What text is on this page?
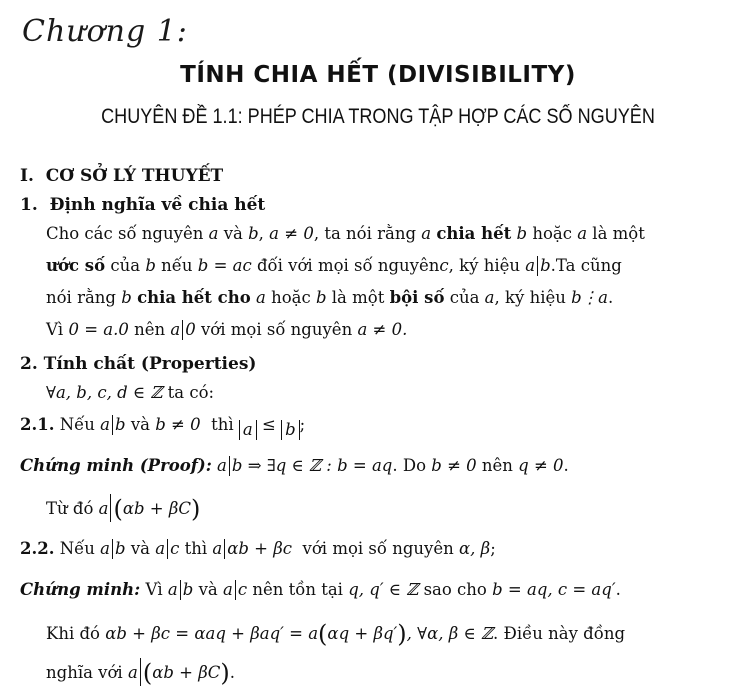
Chương 1:
TÍNH CHIA HẾT (DIVISIBILITY)
CHUYÊN ĐỀ 1.1: PHÉP CHIA TRONG TẬP HỢP CÁC SỐ NGUYÊN
I. CƠ SỞ LÝ THUYẾT
1. Định nghĩa về chia hết
Cho các số nguyên a và b, a ≠ 0, ta nói rằng a chia hết b hoặc a là một
ước số của b nếu b = ac đối với mọi số nguyênc, ký hiệu a b.Ta cũng
nói rằng b chia hết cho a hoặc b là một bội số của a, ký hiệu b⋮a.
Vì 0 = a.0 nên a 0 với mọi số nguyên a ≠ 0.
2. Tính chất (Properties)
∀a, b, c, d ∈ ℤ ta có:
2.1. Nếu a b và b ≠ 0 thì a ≤ b ;
Chứng minh (Proof): a b ⇒ ∃q ∈ ℤ : b = aq. Do b ≠ 0 nên q ≠ 0.
Từ đó a (αb + βC)
2.2. Nếu a b và a c thì a αb + βc với mọi số nguyên α, β;
Chứng minh: Vì a b và a c nên tồn tại q, q′ ∈ ℤ sao cho b = aq, c = aq′.
Khi đó αb + βc = αaq + βaq′ = a(αq + βq′), ∀α, β ∈ ℤ. Điều này đồng
nghĩa với a (αb + βC).
